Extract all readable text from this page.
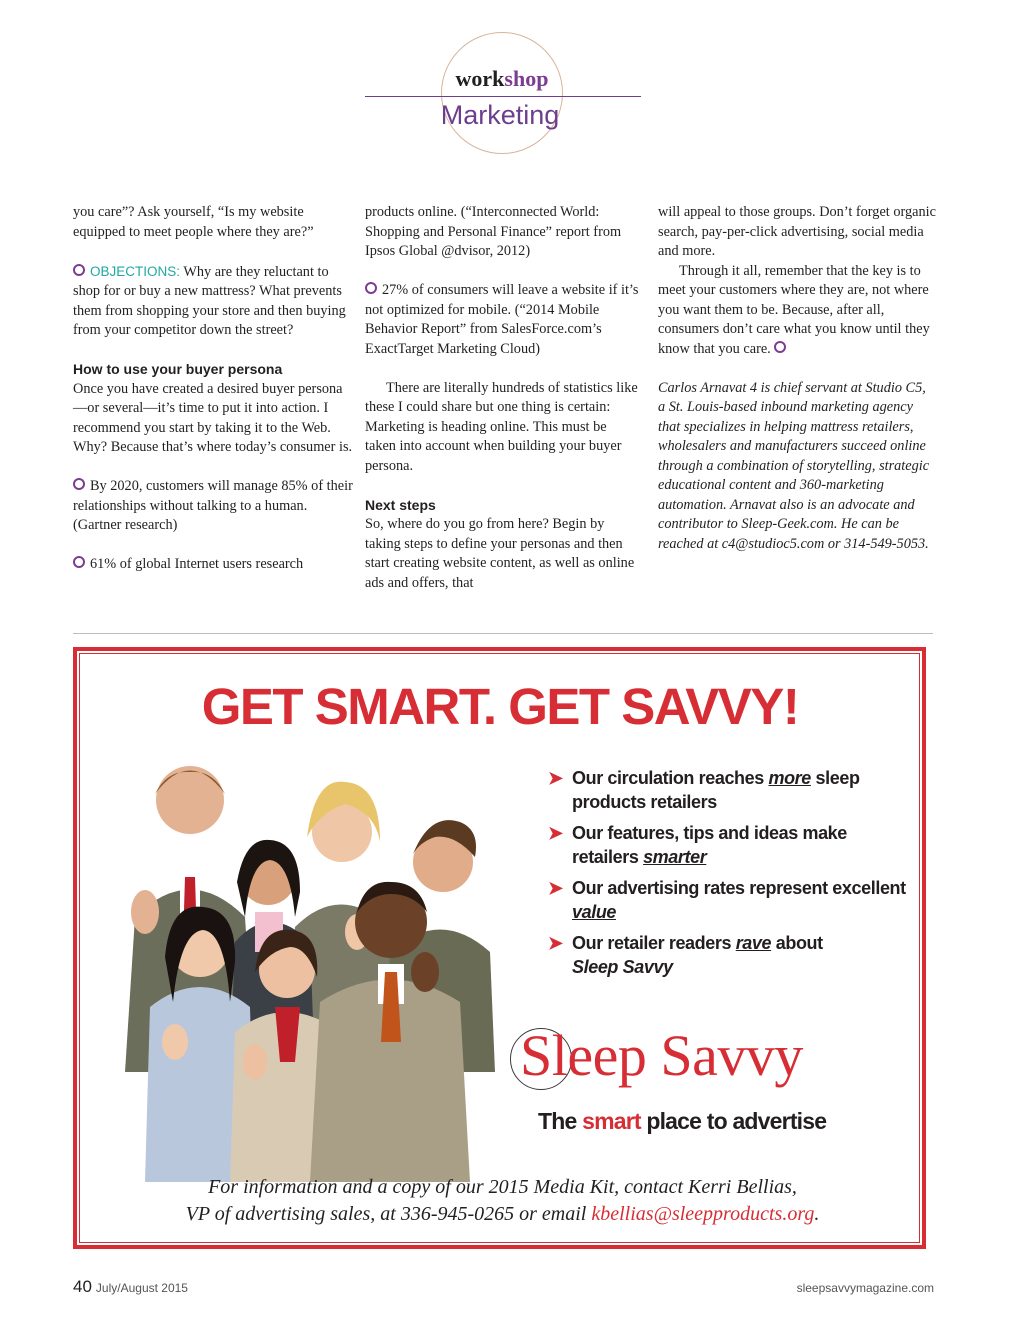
workshop
Marketing

you care”? Ask yourself, “Is my website equipped to meet people where they are?”

OBJECTIONS: Why are they reluctant to shop for or buy a new mattress? What prevents them from shopping your store and then buying from your competitor down the street?

How to use your buyer persona

Once you have created a desired buyer persona—or several—it’s time to put it into action. I recommend you start by taking it to the Web. Why? Because that’s where today’s consumer is.

By 2020, customers will manage 85% of their relationships without talking to a human. (Gartner research)

61% of global Internet users research

products online. (“Interconnected World: Shopping and Personal Finance” report from Ipsos Global @dvisor, 2012)

27% of consumers will leave a website if it’s not optimized for mobile. (“2014 Mobile Behavior Report” from SalesForce.com’s ExactTarget Marketing Cloud)

There are literally hundreds of statistics like these I could share but one thing is certain: Marketing is heading online. This must be taken into account when building your buyer persona.

Next steps

So, where do you go from here? Begin by taking steps to define your personas and then start creating website content, as well as online ads and offers, that

will appeal to those groups. Don’t forget organic search, pay-per-click advertising, social media and more.

Through it all, remember that the key is to meet your customers where they are, not where you want them to be. Because, after all, consumers don’t care what you know until they know that you care.

Carlos Arnavat 4 is chief servant at Studio C5, a St. Louis-based inbound marketing agency that specializes in helping mattress retailers, wholesalers and manufacturers succeed online through a combination of storytelling, strategic educational content and 360-marketing automation. Arnavat also is an advocate and contributor to Sleep-Geek.com. He can be reached at c4@studioc5.com or 314-549-5053.

GET SMART. GET SAVVY!
➤ Our circulation reaches more sleep products retailers
➤ Our features, tips and ideas make retailers smarter
➤ Our advertising rates represent excellent value
➤ Our retailer readers rave about
Sleep Savvy
Sleep Savvy
The smart place to advertise
For information and a copy of our 2015 Media Kit, contact Kerri Bellias,
VP of advertising sales, at 336-945-0265 or email kbellias@sleepproducts.org.
40 July/August 2015	sleepsavvymagazine.com
